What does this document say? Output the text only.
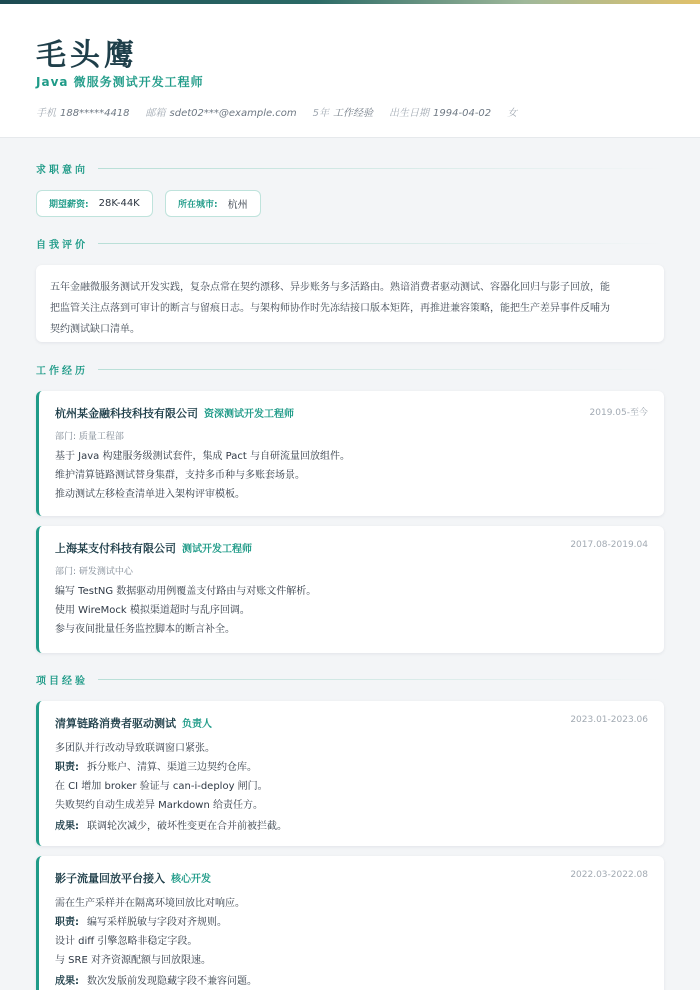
毛头鹰
Java 微服务测试开发工程师
手机 188*****4418 邮箱 sdet02***@example.com 5年 工作经验 出生日期 1994-04-02 女
求职意向
期望薪资: 28K-44K	所在城市: 杭州
自我评价
五年金融微服务测试开发实践，复杂点常在契约漂移、异步账务与多活路由。熟谙消费者驱动测试、容器化回归与影子回放，能
把监管关注点落到可审计的断言与留痕日志。与架构师协作时先冻结接口版本矩阵，再推进兼容策略，能把生产差异事件反哺为
契约测试缺口清单。
工作经历
杭州某金融科技科技有限公司 资深测试开发工程师	2019.05-至今
部门: 质量工程部
基于 Java 构建服务级测试套件，集成 Pact 与自研流量回放组件。
维护清算链路测试替身集群，支持多币种与多账套场景。
推动测试左移检查清单进入架构评审模板。
上海某支付科技有限公司 测试开发工程师	2017.08-2019.04
部门: 研发测试中心
编写 TestNG 数据驱动用例覆盖支付路由与对账文件解析。
使用 WireMock 模拟渠道超时与乱序回调。
参与夜间批量任务监控脚本的断言补全。
项目经验
清算链路消费者驱动测试 负责人	2023.01-2023.06
多团队并行改动导致联调窗口紧张。
职责: 拆分账户、清算、渠道三边契约仓库。
在 CI 增加 broker 验证与 can-i-deploy 闸门。
失败契约自动生成差异 Markdown 给责任方。
成果: 联调轮次减少，破坏性变更在合并前被拦截。
影子流量回放平台接入 核心开发	2022.03-2022.08
需在生产采样并在隔离环境回放比对响应。
职责: 编写采样脱敏与字段对齐规则。
设计 diff 引擎忽略非稳定字段。
与 SRE 对齐资源配额与回放限速。
成果: 数次发版前发现隐藏字段不兼容问题。
